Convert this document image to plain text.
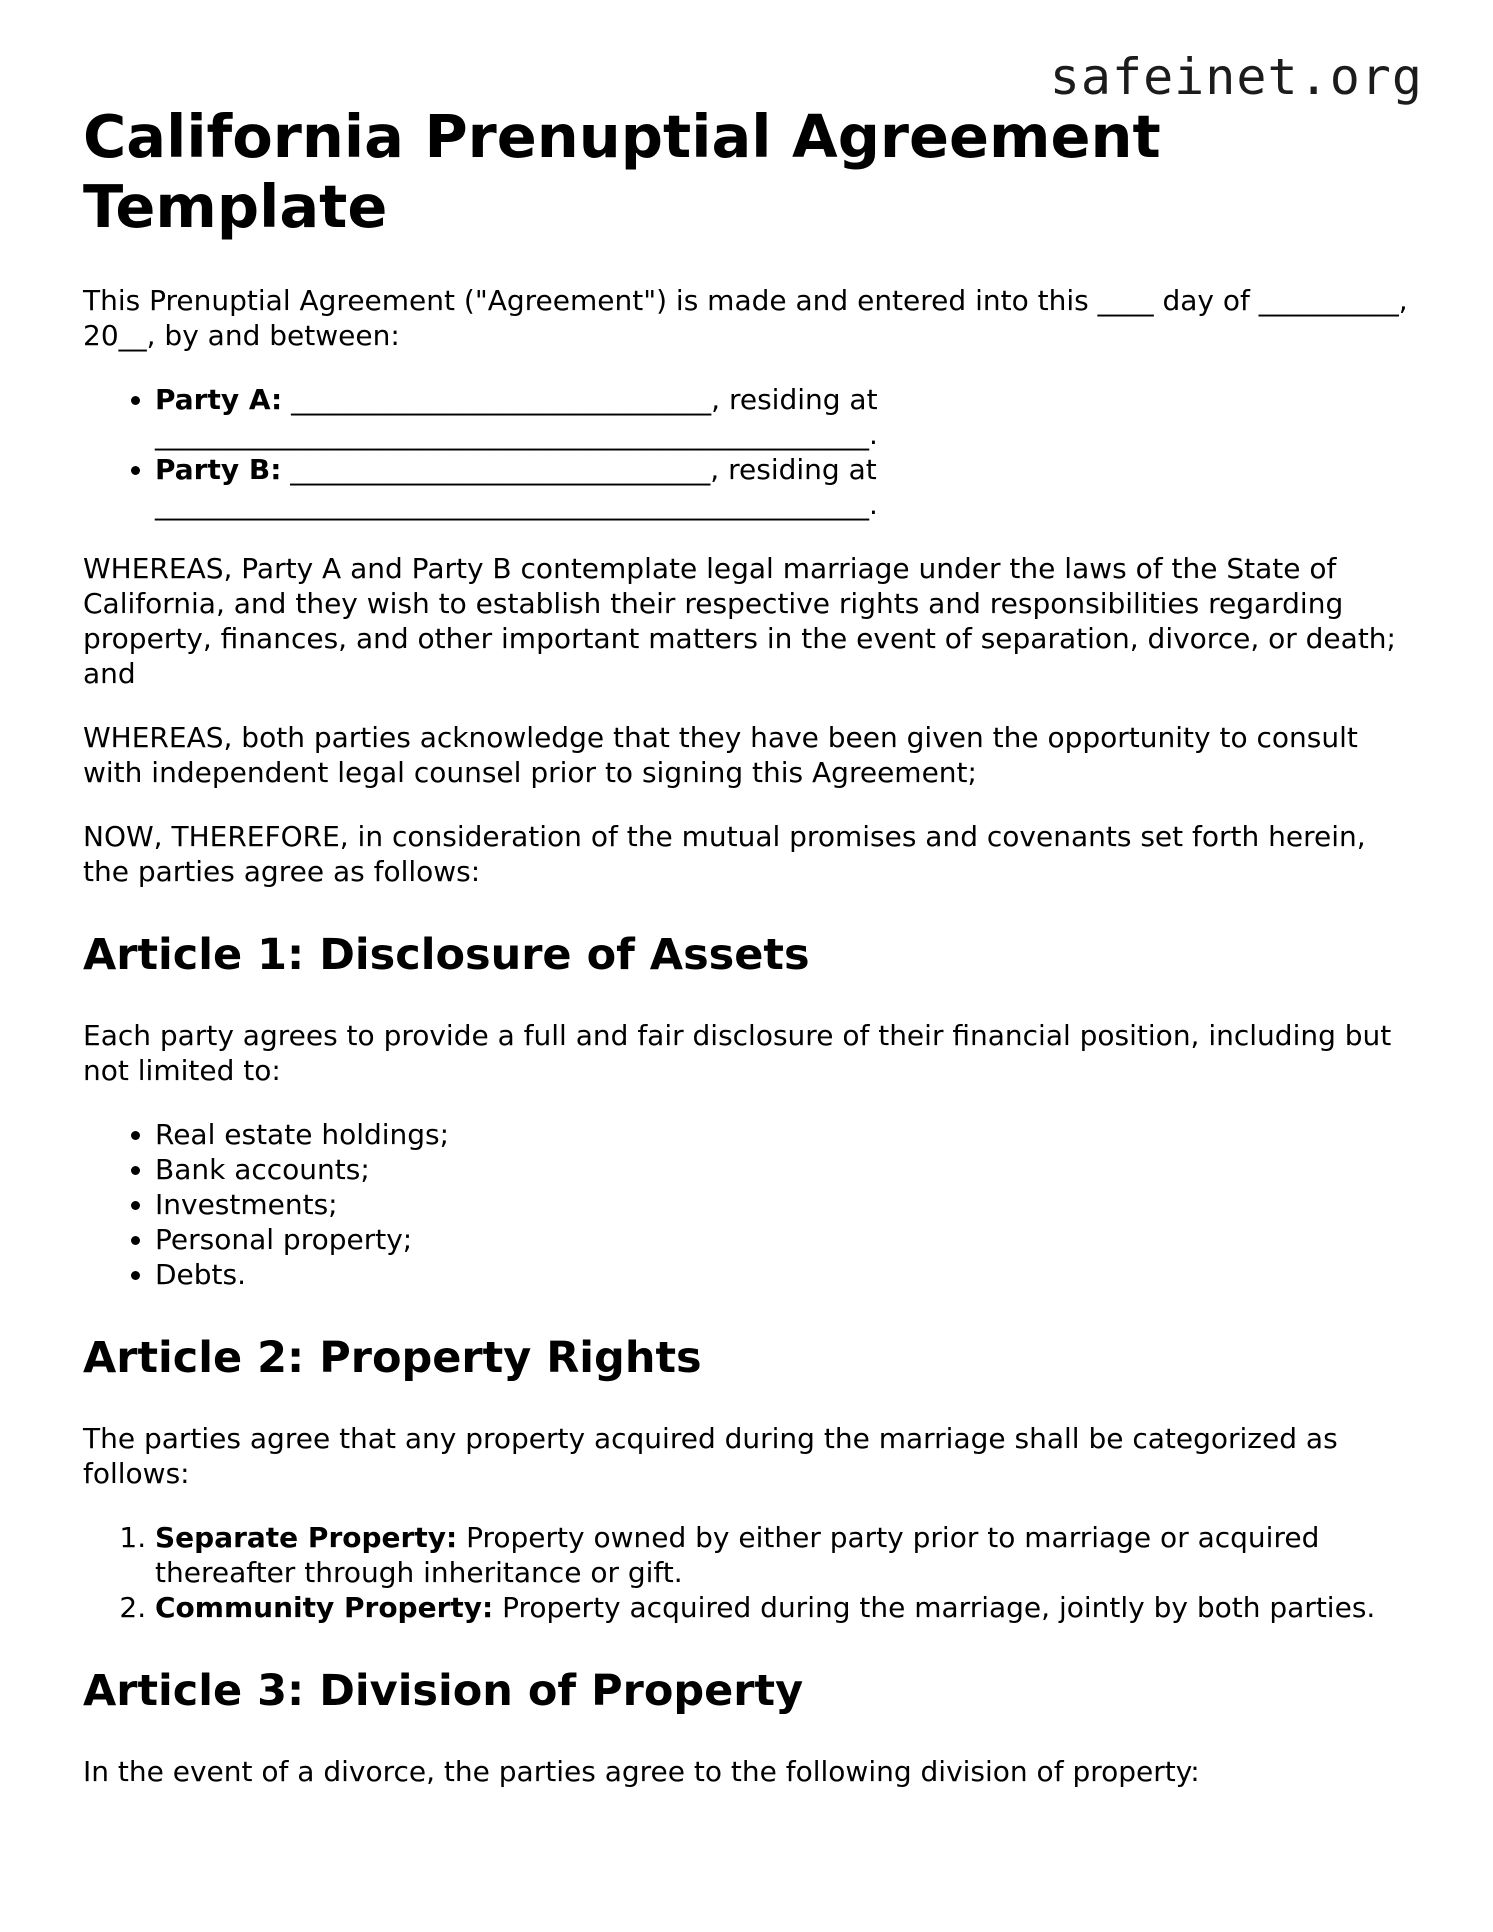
safeinet.org
California Prenuptial Agreement Template

This Prenuptial Agreement ("Agreement") is made and entered into this ____ day of __________, 20__, by and between:

• Party A: ______________________________, residing at ___________________________________________________.
• Party B: ______________________________, residing at ___________________________________________________.

WHEREAS, Party A and Party B contemplate legal marriage under the laws of the State of California, and they wish to establish their respective rights and responsibilities regarding property, finances, and other important matters in the event of separation, divorce, or death; and

WHEREAS, both parties acknowledge that they have been given the opportunity to consult with independent legal counsel prior to signing this Agreement;

NOW, THEREFORE, in consideration of the mutual promises and covenants set forth herein, the parties agree as follows:

Article 1: Disclosure of Assets

Each party agrees to provide a full and fair disclosure of their financial position, including but not limited to:

• Real estate holdings;
• Bank accounts;
• Investments;
• Personal property;
• Debts.
Article 2: Property Rights

The parties agree that any property acquired during the marriage shall be categorized as follows:

1. Separate Property: Property owned by either party prior to marriage or acquired thereafter through inheritance or gift.
2. Community Property: Property acquired during the marriage, jointly by both parties.
Article 3: Division of Property

In the event of a divorce, the parties agree to the following division of property:
